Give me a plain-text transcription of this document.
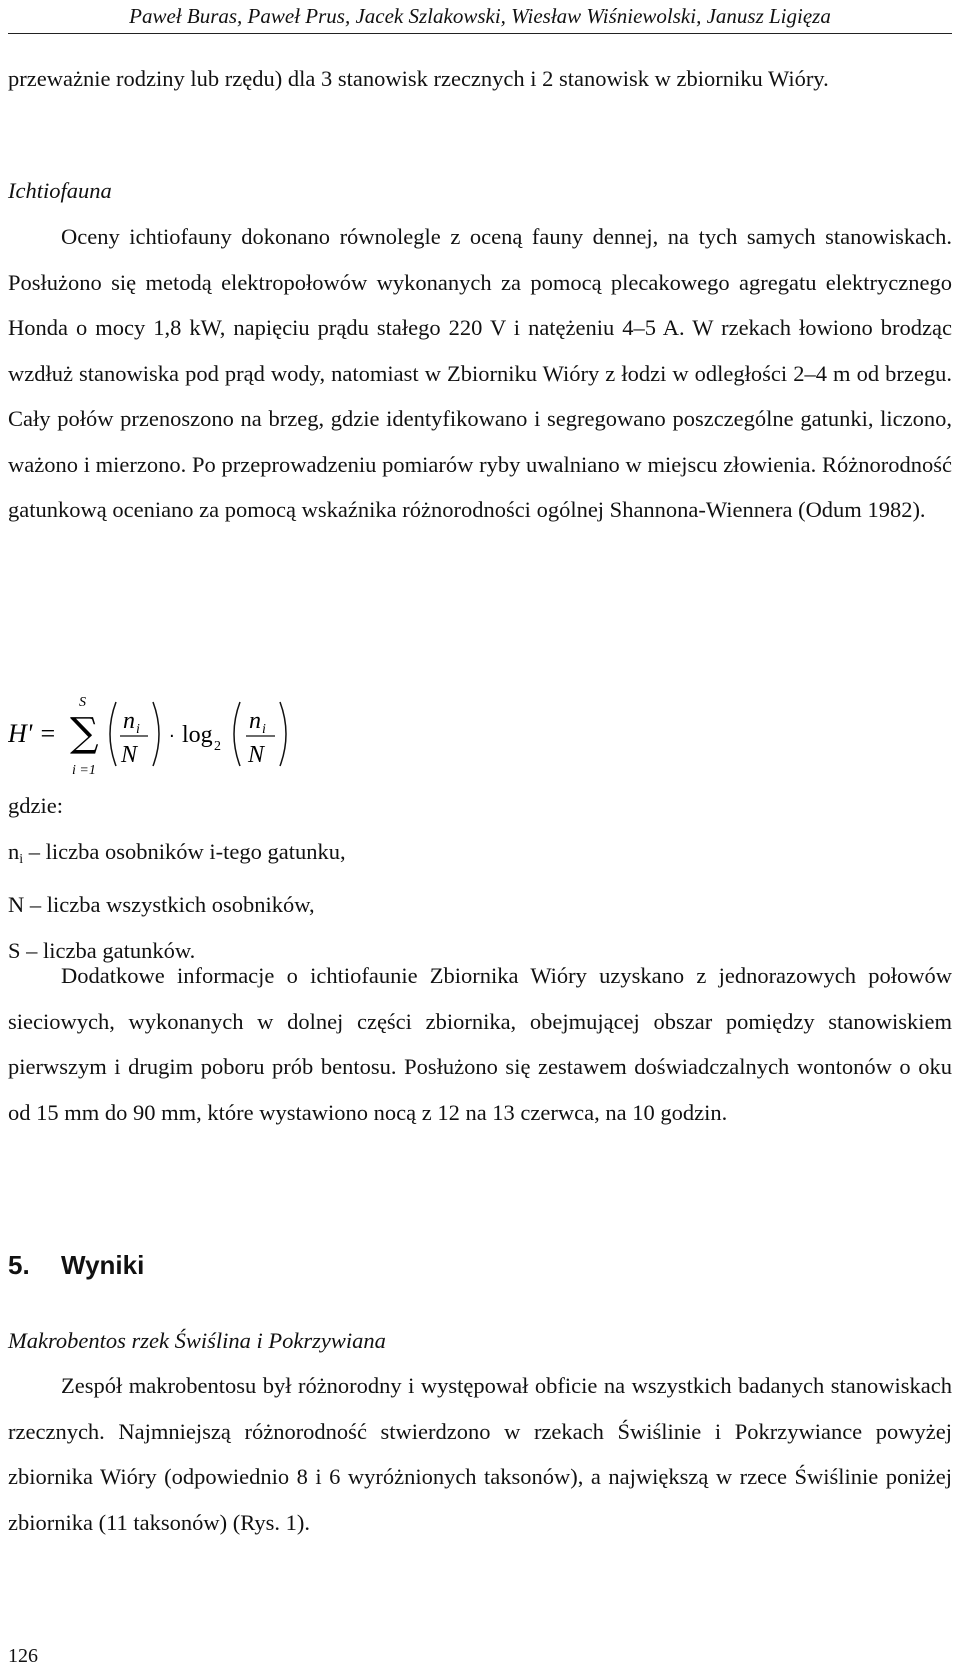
Paweł Buras, Paweł Prus, Jacek Szlakowski, Wiesław Wiśniewolski, Janusz Ligięza

przeważnie rodziny lub rzędu) dla 3 stanowisk rzecznych i 2 stanowisk w zbiorniku Wióry.

Ichtiofauna

Oceny ichtiofauny dokonano równolegle z oceną fauny dennej, na tych samych stanowiskach. Posłużono się metodą elektropołowów wykonanych za pomocą plecakowego agregatu elektrycznego Honda o mocy 1,8 kW, napięciu prądu stałego 220 V i natężeniu 4–5 A. W rzekach łowiono brodząc wzdłuż stanowiska pod prąd wody, natomiast w Zbiorniku Wióry z łodzi w odległości 2–4 m od brzegu. Cały połów przenoszono na brzeg, gdzie identyfikowano i segregowano poszczególne gatunki, liczono, ważono i mierzono. Po przeprowadzeniu pomiarów ryby uwalniano w miejscu złowienia. Różnorodność gatunkową oceniano za pomocą wskaźnika różnorodności ogólnej Shannona-Wiennera (Odum 1982).

H' =
S
∑
i =1
n i
N
· log 2
n i
N
gdzie:
$n_i$ – liczba osobników i-tego gatunku,
N – liczba wszystkich osobników,
S – liczba gatunków.

Dodatkowe informacje o ichtiofaunie Zbiornika Wióry uzyskano z jednorazowych połowów sieciowych, wykonanych w dolnej części zbiornika, obejmującej obszar pomiędzy stanowiskiem pierwszym i drugim poboru prób bentosu. Posłużono się zestawem doświadczalnych wontonów o oku od 15 mm do 90 mm, które wystawiono nocą z 12 na 13 czerwca, na 10 godzin.

5. Wyniki

Makrobentos rzek Świślina i Pokrzywiana

Zespół makrobentosu był różnorodny i występował obficie na wszystkich badanych stanowiskach rzecznych. Najmniejszą różnorodność stwierdzono w rzekach Świślinie i Pokrzywiance powyżej zbiornika Wióry (odpowiednio 8 i 6 wyróżnionych taksonów), a największą w rzece Świślinie poniżej zbiornika (11 taksonów) (Rys. 1).

126
